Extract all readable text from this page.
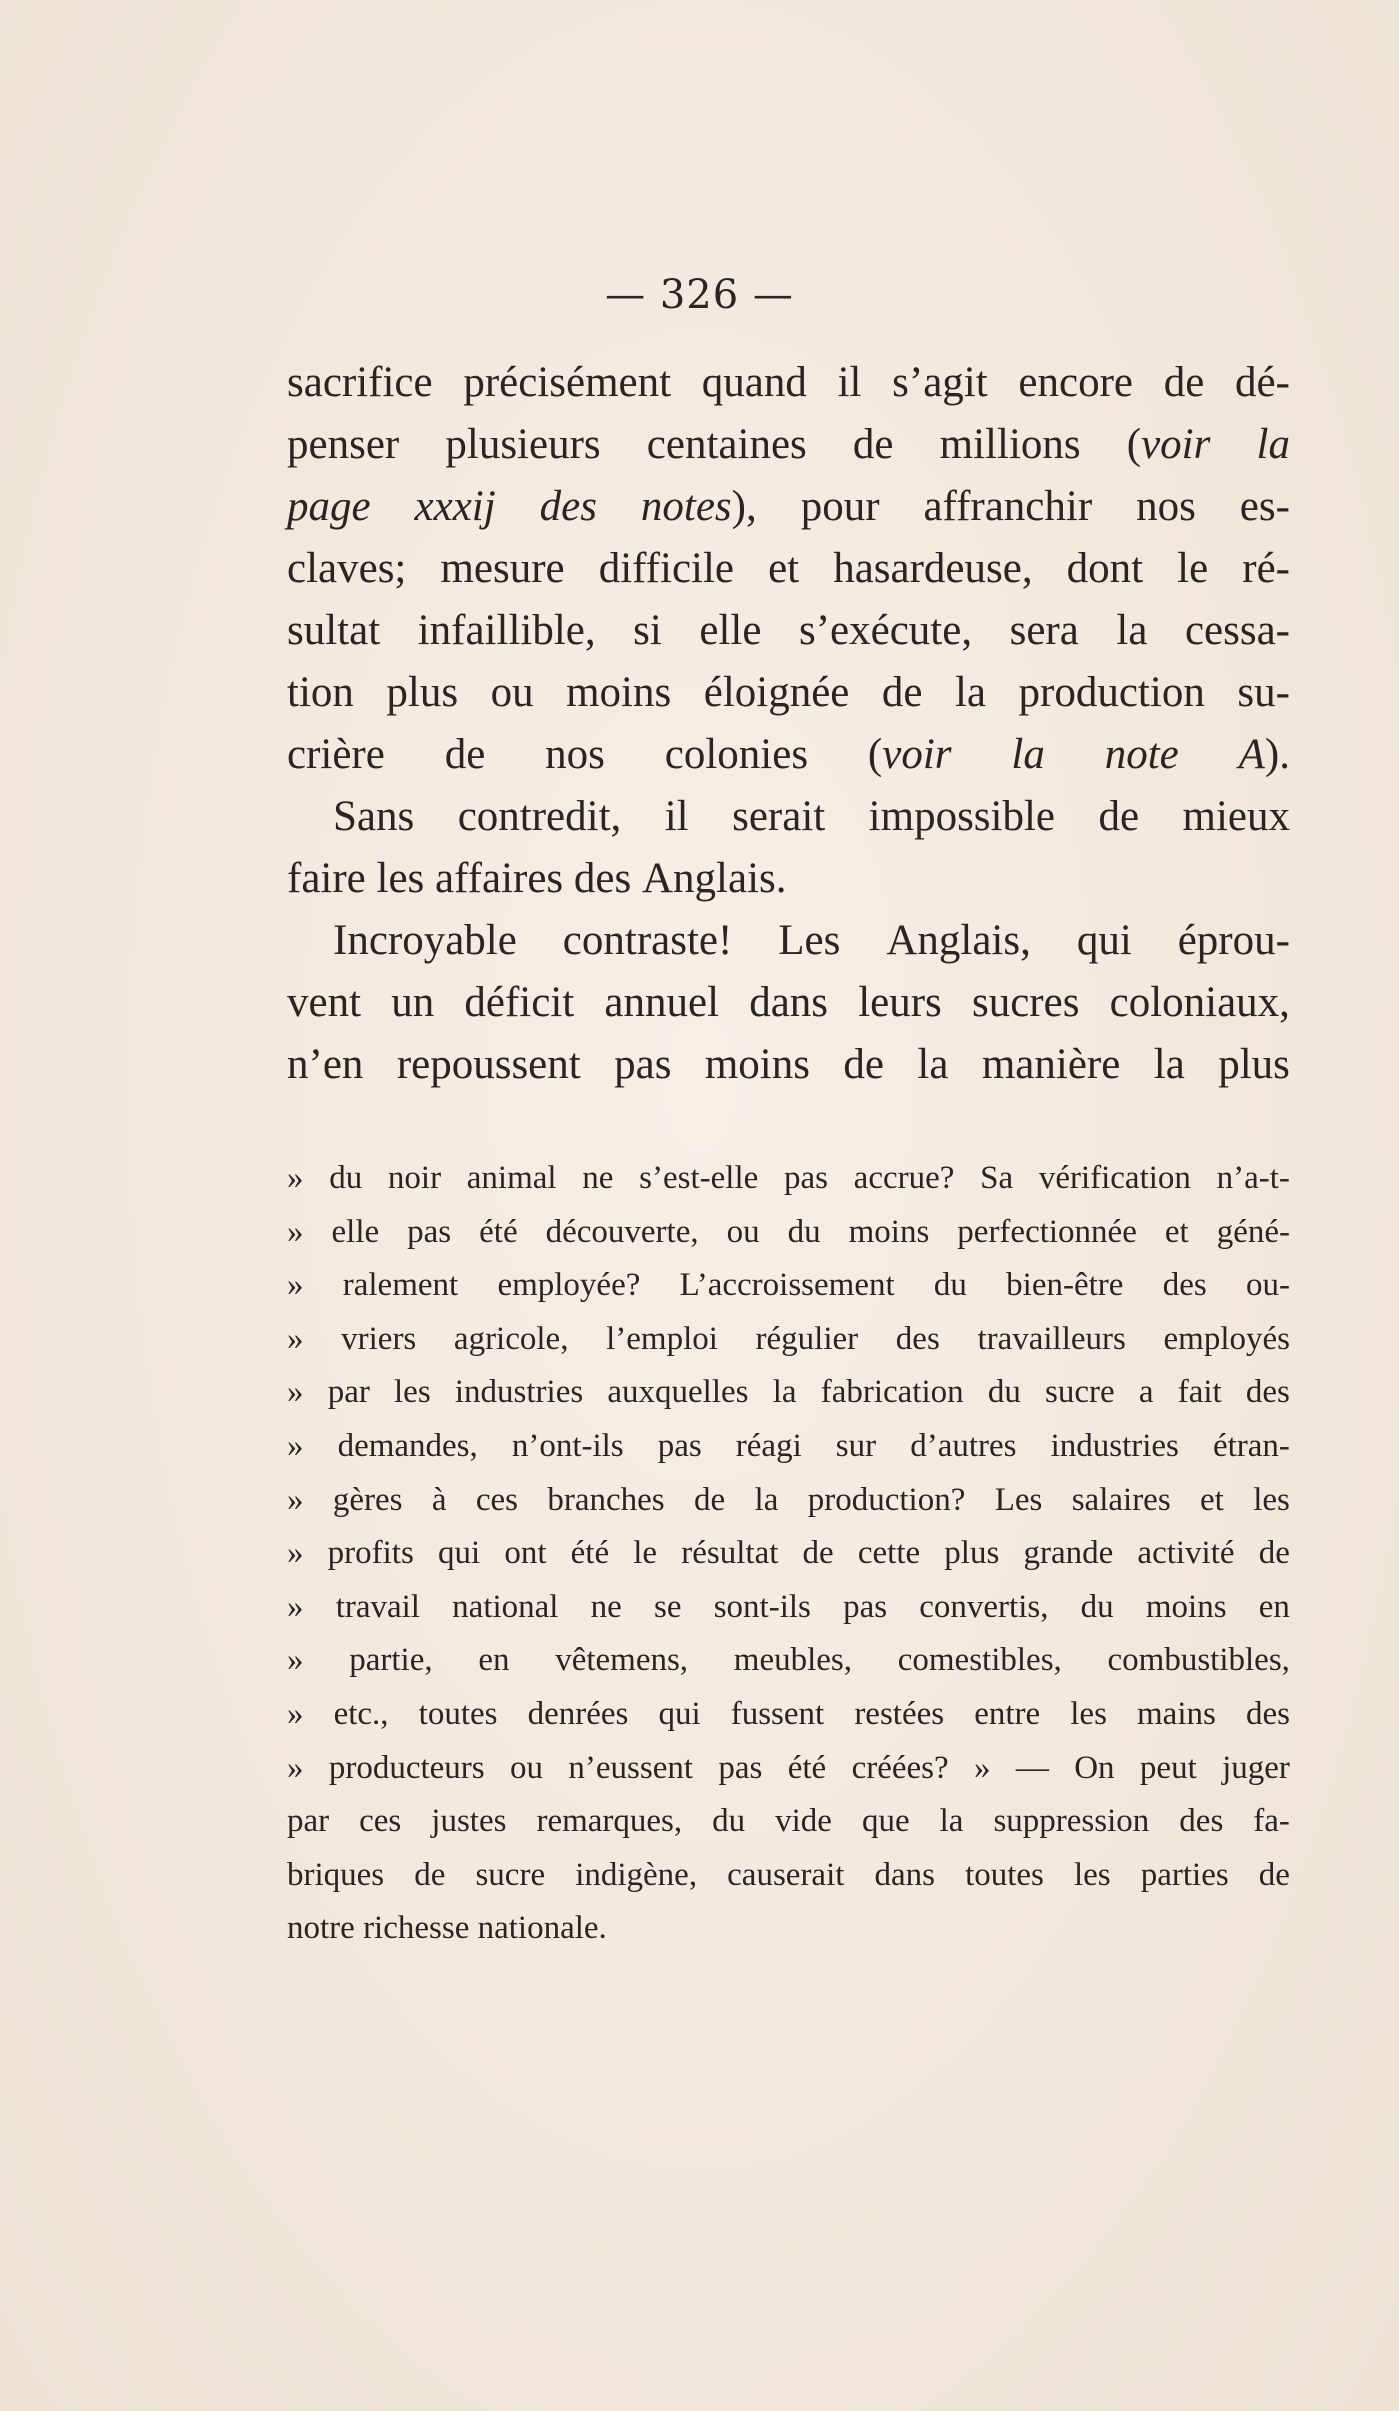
— 326 —
sacrifice précisément quand il s’agit encore de dé-
penser plusieurs centaines de millions (voir la
page xxxij des notes), pour affranchir nos es-
claves; mesure difficile et hasardeuse, dont le ré-
sultat infaillible, si elle s’exécute, sera la cessa-
tion plus ou moins éloignée de la production su-
crière de nos colonies (voir la note A).
Sans contredit, il serait impossible de mieux
faire les affaires des Anglais.
Incroyable contraste! Les Anglais, qui éprou-
vent un déficit annuel dans leurs sucres coloniaux,
n’en repoussent pas moins de la manière la plus
» du noir animal ne s’est-elle pas accrue? Sa vérification n’a-t-
» elle pas été découverte, ou du moins perfectionnée et géné-
» ralement employée? L’accroissement du bien-être des ou-
» vriers agricole, l’emploi régulier des travailleurs employés
» par les industries auxquelles la fabrication du sucre a fait des
» demandes, n’ont-ils pas réagi sur d’autres industries étran-
» gères à ces branches de la production? Les salaires et les
» profits qui ont été le résultat de cette plus grande activité de
» travail national ne se sont-ils pas convertis, du moins en
» partie, en vêtemens, meubles, comestibles, combustibles,
» etc., toutes denrées qui fussent restées entre les mains des
» producteurs ou n’eussent pas été créées? » — On peut juger
par ces justes remarques, du vide que la suppression des fa-
briques de sucre indigène, causerait dans toutes les parties de
notre richesse nationale.
